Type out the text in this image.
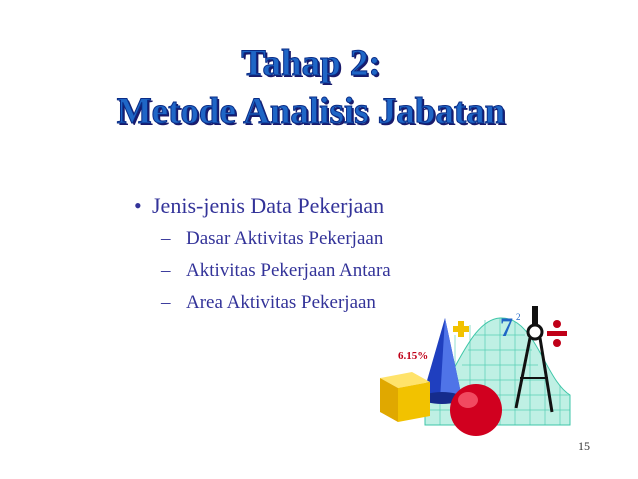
Tahap 2:
Metode Analisis Jabatan
• Jenis-jenis Data Pekerjaan
– Dasar Aktivitas Pekerjaan
– Aktivitas Pekerjaan Antara
– Area Aktivitas Pekerjaan
7 2
6.15%
15
